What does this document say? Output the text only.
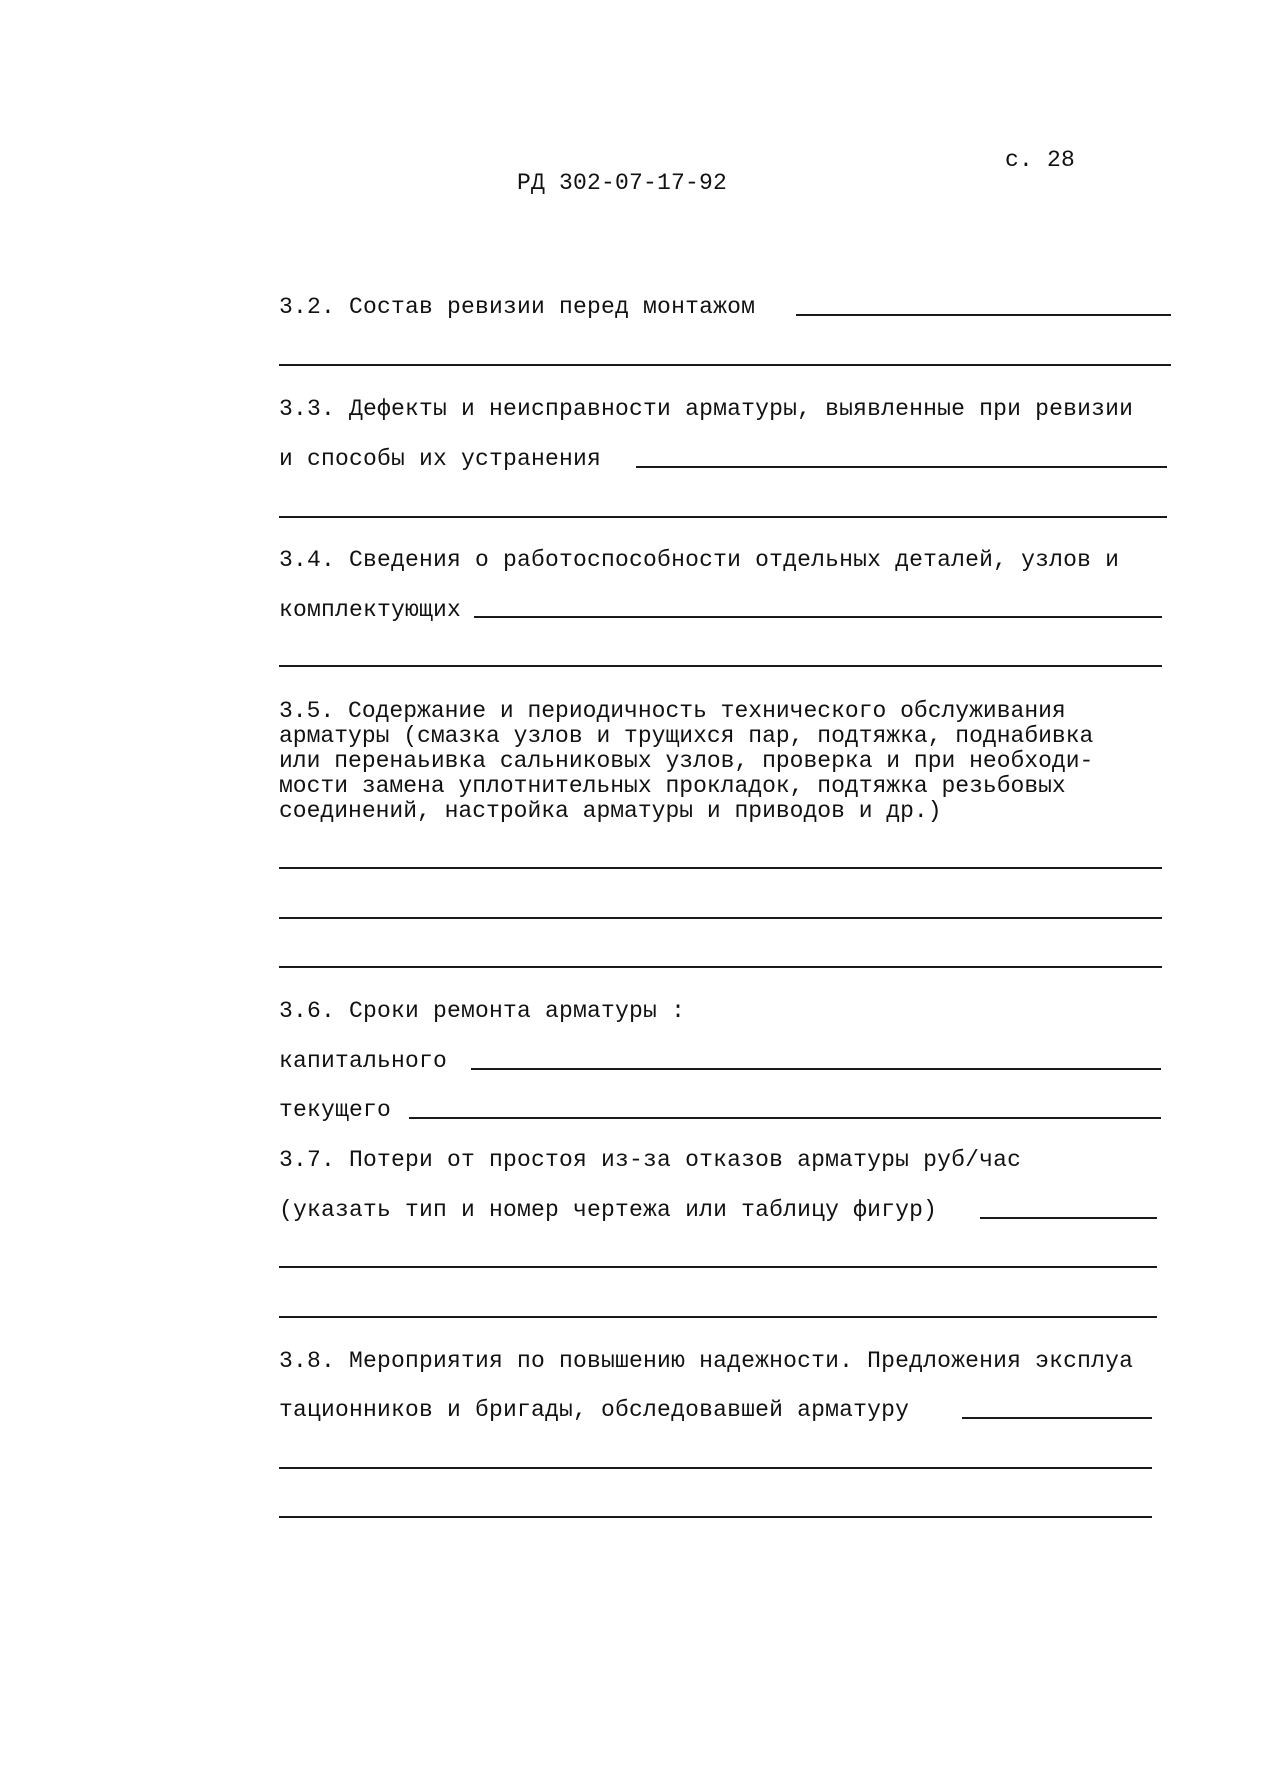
с. 28
РД 302-07-17-92
3.2. Состав ревизии перед монтажом
3.3. Дефекты и неисправности арматуры, выявленные при ревизии
и способы их устранения
3.4. Сведения о работоспособности отдельных деталей, узлов и
комплектующих
3.5. Содержание и периодичность технического обслуживания
арматуры (смазка узлов и трущихся пар, подтяжка, поднабивка
или перенаьивка сальниковых узлов, проверка и при необходи-
мости замена уплотнительных прокладок, подтяжка резьбовых
соединений, настройка арматуры и приводов и др.)
3.6. Сроки ремонта арматуры :
капитального
текущего
3.7. Потери от простоя из-за отказов арматуры руб/час
(указать тип и номер чертежа или таблицу фигур)
3.8. Мероприятия по повышению надежности. Предложения эксплуа
тационников и бригады, обследовавшей арматуру
